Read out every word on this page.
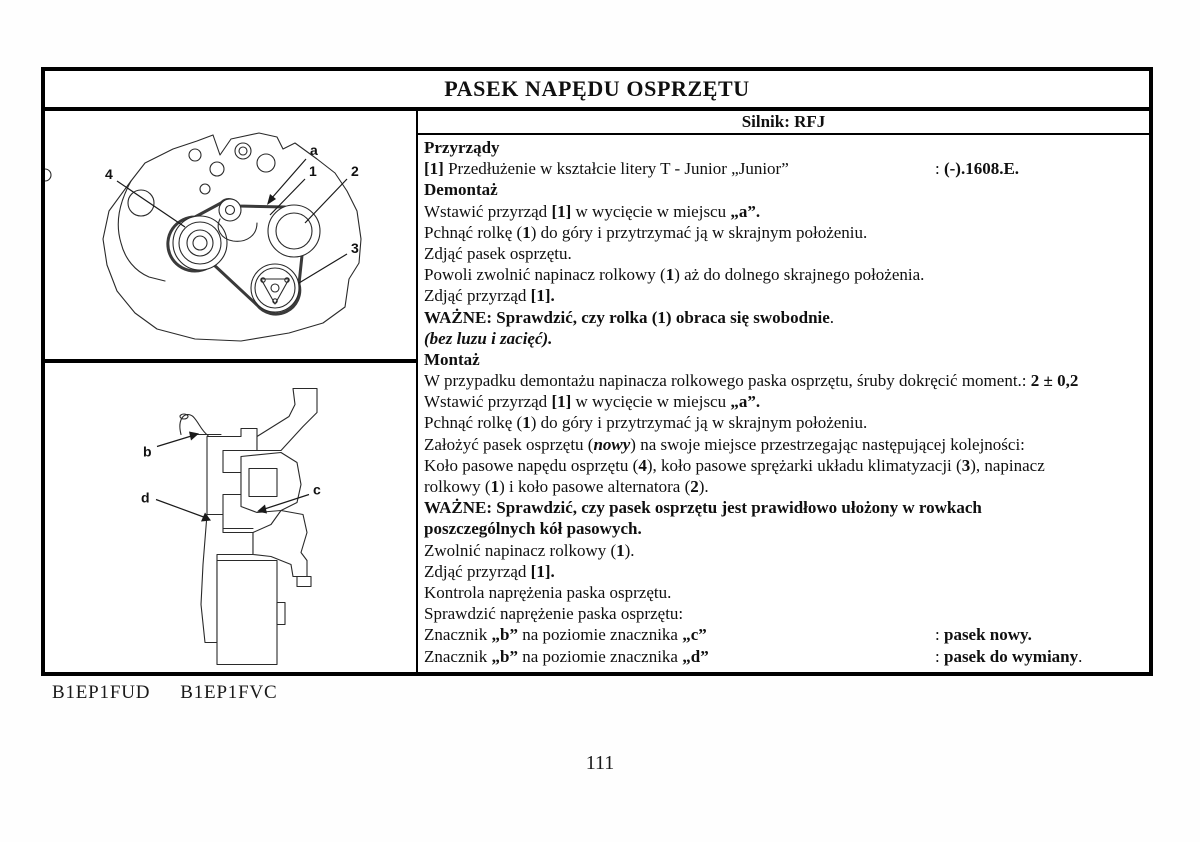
PASEK NAPĘDU OSPRZĘTU
4
a
1 2
3
b
d	c
Silnik: RFJ
Przyrządy
[1] Przedłużenie w kształcie litery T - Junior „Junior”	: (-).1608.E.
Demontaż
Wstawić przyrząd [1] w wycięcie w miejscu „a”.
Pchnąć rolkę (1) do góry i przytrzymać ją w skrajnym położeniu.
Zdjąć pasek osprzętu.
Powoli zwolnić napinacz rolkowy (1) aż do dolnego skrajnego położenia.
Zdjąć przyrząd [1].
WAŻNE: Sprawdzić, czy rolka (1) obraca się swobodnie.
(bez luzu i zacięć).
Montaż
W przypadku demontażu napinacza rolkowego paska osprzętu, śruby dokręcić moment.: 2 ± 0,2
Wstawić przyrząd [1] w wycięcie w miejscu „a”.
Pchnąć rolkę (1) do góry i przytrzymać ją w skrajnym położeniu.
Założyć pasek osprzętu (nowy) na swoje miejsce przestrzegając następującej kolejności:
Koło pasowe napędu osprzętu (4), koło pasowe sprężarki układu klimatyzacji (3), napinacz
rolkowy (1) i koło pasowe alternatora (2).
WAŻNE: Sprawdzić, czy pasek osprzętu jest prawidłowo ułożony w rowkach
poszczególnych kół pasowych.
Zwolnić napinacz rolkowy (1).
Zdjąć przyrząd [1].
Kontrola naprężenia paska osprzętu.
Sprawdzić naprężenie paska osprzętu:
Znacznik „b” na poziomie znacznika „c”	: pasek nowy.
Znacznik „b” na poziomie znacznika „d”	: pasek do wymiany.
B1EP1FUD B1EP1FVC
111
